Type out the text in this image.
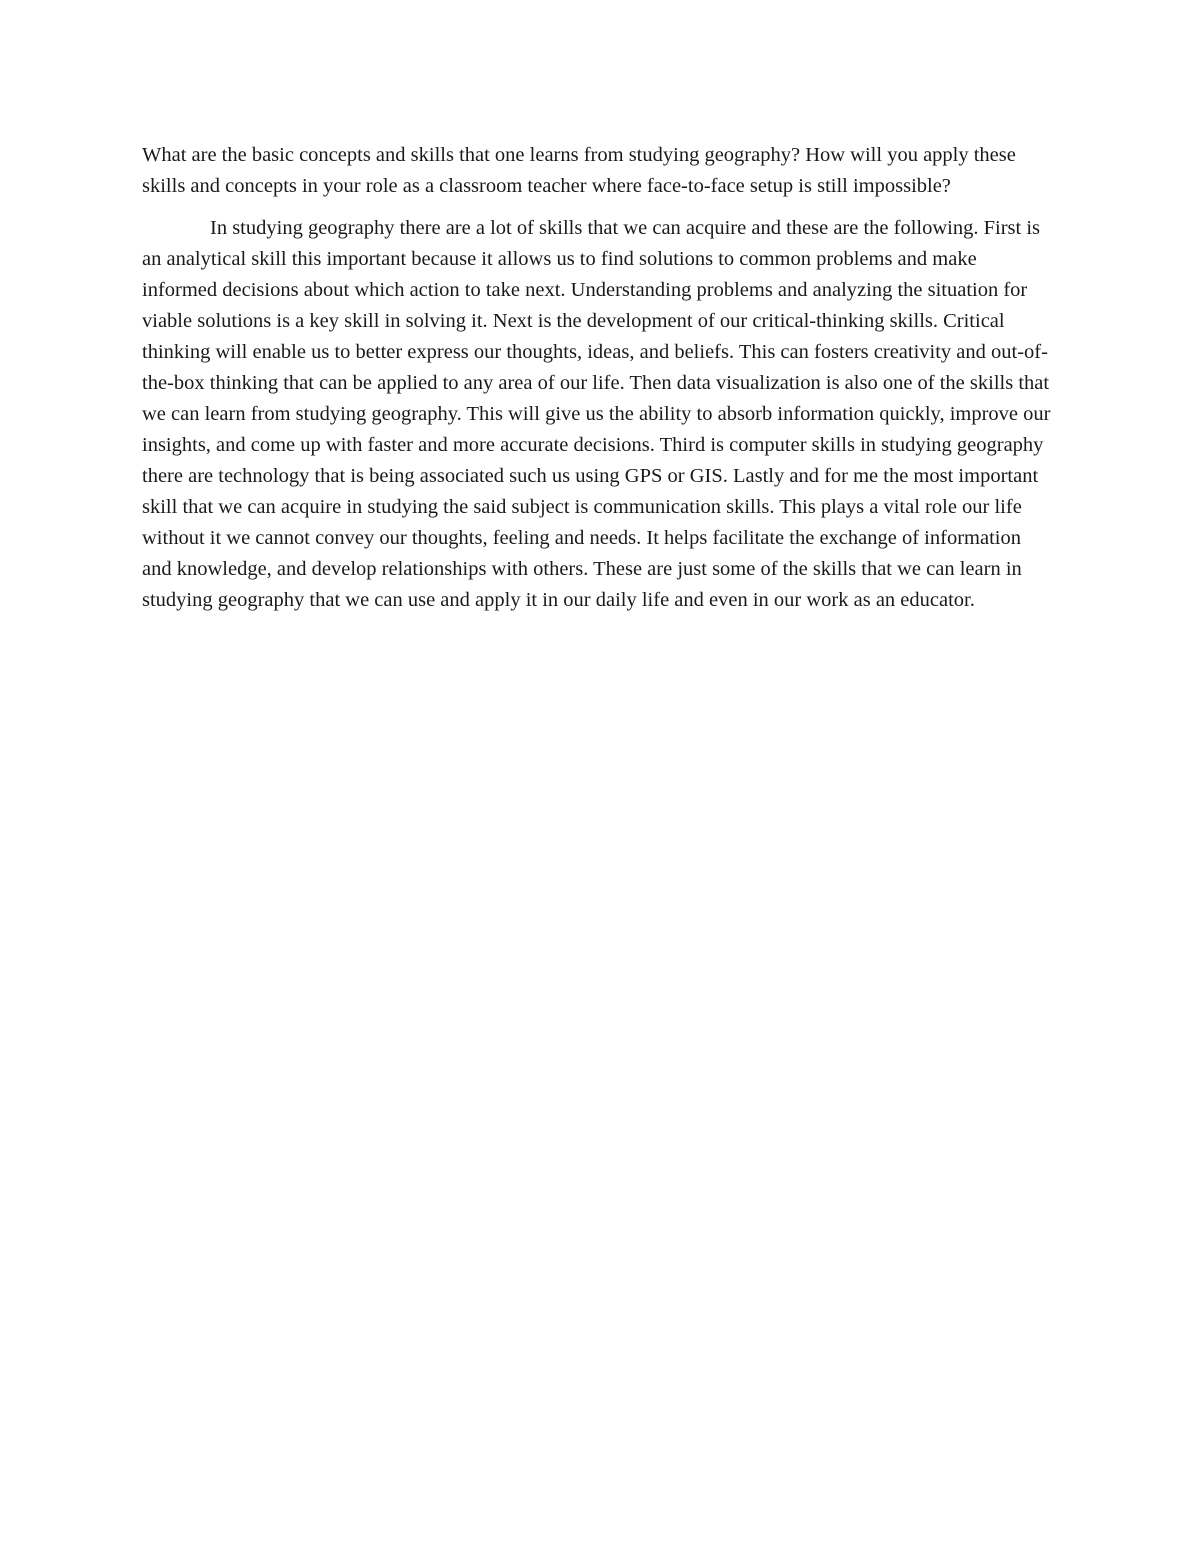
What are the basic concepts and skills that one learns from studying geography? How will you apply these skills and concepts in your role as a classroom teacher where face-to-face setup is still impossible?

In studying geography there are a lot of skills that we can acquire and these are the following. First is an analytical skill this important because it allows us to find solutions to common problems and make informed decisions about which action to take next. Understanding problems and analyzing the situation for viable solutions is a key skill in solving it. Next is the development of our critical-thinking skills. Critical thinking will enable us to better express our thoughts, ideas, and beliefs. This can fosters creativity and out-of-the-box thinking that can be applied to any area of our life. Then data visualization is also one of the skills that we can learn from studying geography. This will give us the ability to absorb information quickly, improve our insights, and come up with faster and more accurate decisions. Third is computer skills in studying geography there are technology that is being associated such us using GPS or GIS. Lastly and for me the most important skill that we can acquire in studying the said subject is communication skills. This plays a vital role our life without it we cannot convey our thoughts, feeling and needs. It helps facilitate the exchange of information and knowledge, and develop relationships with others. These are just some of the skills that we can learn in studying geography that we can use and apply it in our daily life and even in our work as an educator.
